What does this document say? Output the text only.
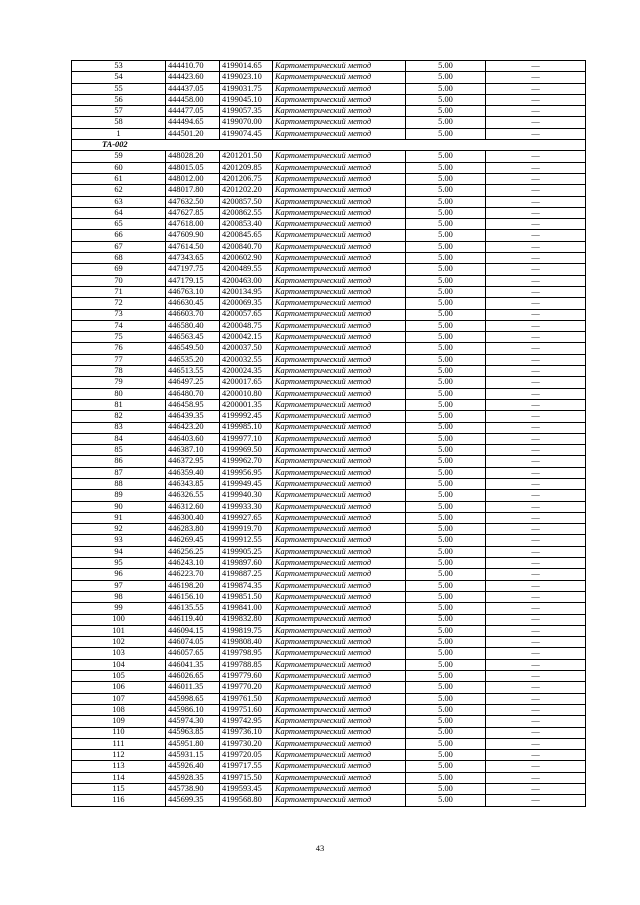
53	444410.70	4199014.65	Картометрический метод	5.00	—
54	444423.60	4199023.10	Картометрический метод	5.00	—
55	444437.05	4199031.75	Картометрический метод	5.00	—
56	444458.00	4199045.10	Картометрический метод	5.00	—
57	444477.05	4199057.35	Картометрический метод	5.00	—
58	444494.65	4199070.00	Картометрический метод	5.00	—
1	444501.20	4199074.45	Картометрический метод	5.00	—
TA-002					
59	448028.20	4201201.50	Картометрический метод	5.00	—
60	448015.05	4201209.85	Картометрический метод	5.00	—
61	448012.00	4201206.75	Картометрический метод	5.00	—
62	448017.80	4201202.20	Картометрический метод	5.00	—
63	447632.50	4200857.50	Картометрический метод	5.00	—
64	447627.85	4200862.55	Картометрический метод	5.00	—
65	447618.00	4200853.40	Картометрический метод	5.00	—
66	447609.90	4200845.65	Картометрический метод	5.00	—
67	447614.50	4200840.70	Картометрический метод	5.00	—
68	447343.65	4200602.90	Картометрический метод	5.00	—
69	447197.75	4200489.55	Картометрический метод	5.00	—
70	447179.15	4200463.00	Картометрический метод	5.00	—
71	446763.10	4200134.95	Картометрический метод	5.00	—
72	446630.45	4200069.35	Картометрический метод	5.00	—
73	446603.70	4200057.65	Картометрический метод	5.00	—
74	446580.40	4200048.75	Картометрический метод	5.00	—
75	446563.45	4200042.15	Картометрический метод	5.00	—
76	446549.50	4200037.50	Картометрический метод	5.00	—
77	446535.20	4200032.55	Картометрический метод	5.00	—
78	446513.55	4200024.35	Картометрический метод	5.00	—
79	446497.25	4200017.65	Картометрический метод	5.00	—
80	446480.70	4200010.80	Картометрический метод	5.00	—
81	446458.95	4200001.35	Картометрический метод	5.00	—
82	446439.35	4199992.45	Картометрический метод	5.00	—
83	446423.20	4199985.10	Картометрический метод	5.00	—
84	446403.60	4199977.10	Картометрический метод	5.00	—
85	446387.10	4199969.50	Картометрический метод	5.00	—
86	446372.95	4199962.70	Картометрический метод	5.00	—
87	446359.40	4199956.95	Картометрический метод	5.00	—
88	446343.85	4199949.45	Картометрический метод	5.00	—
89	446326.55	4199940.30	Картометрический метод	5.00	—
90	446312.60	4199933.30	Картометрический метод	5.00	—
91	446300.40	4199927.65	Картометрический метод	5.00	—
92	446283.80	4199919.70	Картометрический метод	5.00	—
93	446269.45	4199912.55	Картометрический метод	5.00	—
94	446256.25	4199905.25	Картометрический метод	5.00	—
95	446243.10	4199897.60	Картометрический метод	5.00	—
96	446223.70	4199887.25	Картометрический метод	5.00	—
97	446198.20	4199874.35	Картометрический метод	5.00	—
98	446156.10	4199851.50	Картометрический метод	5.00	—
99	446135.55	4199841.00	Картометрический метод	5.00	—
100	446119.40	4199832.80	Картометрический метод	5.00	—
101	446094.15	4199819.75	Картометрический метод	5.00	—
102	446074.05	4199808.40	Картометрический метод	5.00	—
103	446057.65	4199798.95	Картометрический метод	5.00	—
104	446041.35	4199788.85	Картометрический метод	5.00	—
105	446026.65	4199779.60	Картометрический метод	5.00	—
106	446011.35	4199770.20	Картометрический метод	5.00	—
107	445998.65	4199761.50	Картометрический метод	5.00	—
108	445986.10	4199751.60	Картометрический метод	5.00	—
109	445974.30	4199742.95	Картометрический метод	5.00	—
110	445963.85	4199736.10	Картометрический метод	5.00	—
111	445951.80	4199730.20	Картометрический метод	5.00	—
112	445931.15	4199720.05	Картометрический метод	5.00	—
113	445926.40	4199717.55	Картометрический метод	5.00	—
114	445928.35	4199715.50	Картометрический метод	5.00	—
115	445738.90	4199593.45	Картометрический метод	5.00	—
116	445699.35	4199568.80	Картометрический метод	5.00	—
43
